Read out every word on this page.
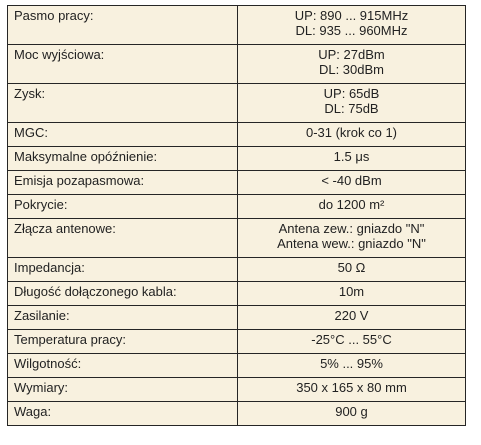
Pasmo pracy:	UP: 890 ... 915MHz
DL: 935 ... 960MHz

Moc wyjściowa:	UP: 27dBm
DL: 30dBm

Zysk:	UP: 65dB
DL: 75dB

MGC:	0-31 (krok co 1)
Maksymalne opóźnienie:	1.5 μs
Emisja pozapasmowa:	< -40 dBm
Pokrycie:	do 1200 m²
Złącza antenowe:	Antena zew.: gniazdo "N"
Antena wew.: gniazdo "N"

Impedancja:	50 Ω
Długość dołączonego kabla:	10m
Zasilanie:	220 V
Temperatura pracy:	-25°C ... 55°C
Wilgotność:	5% ... 95%
Wymiary:	350 x 165 x 80 mm
Waga:	900 g
